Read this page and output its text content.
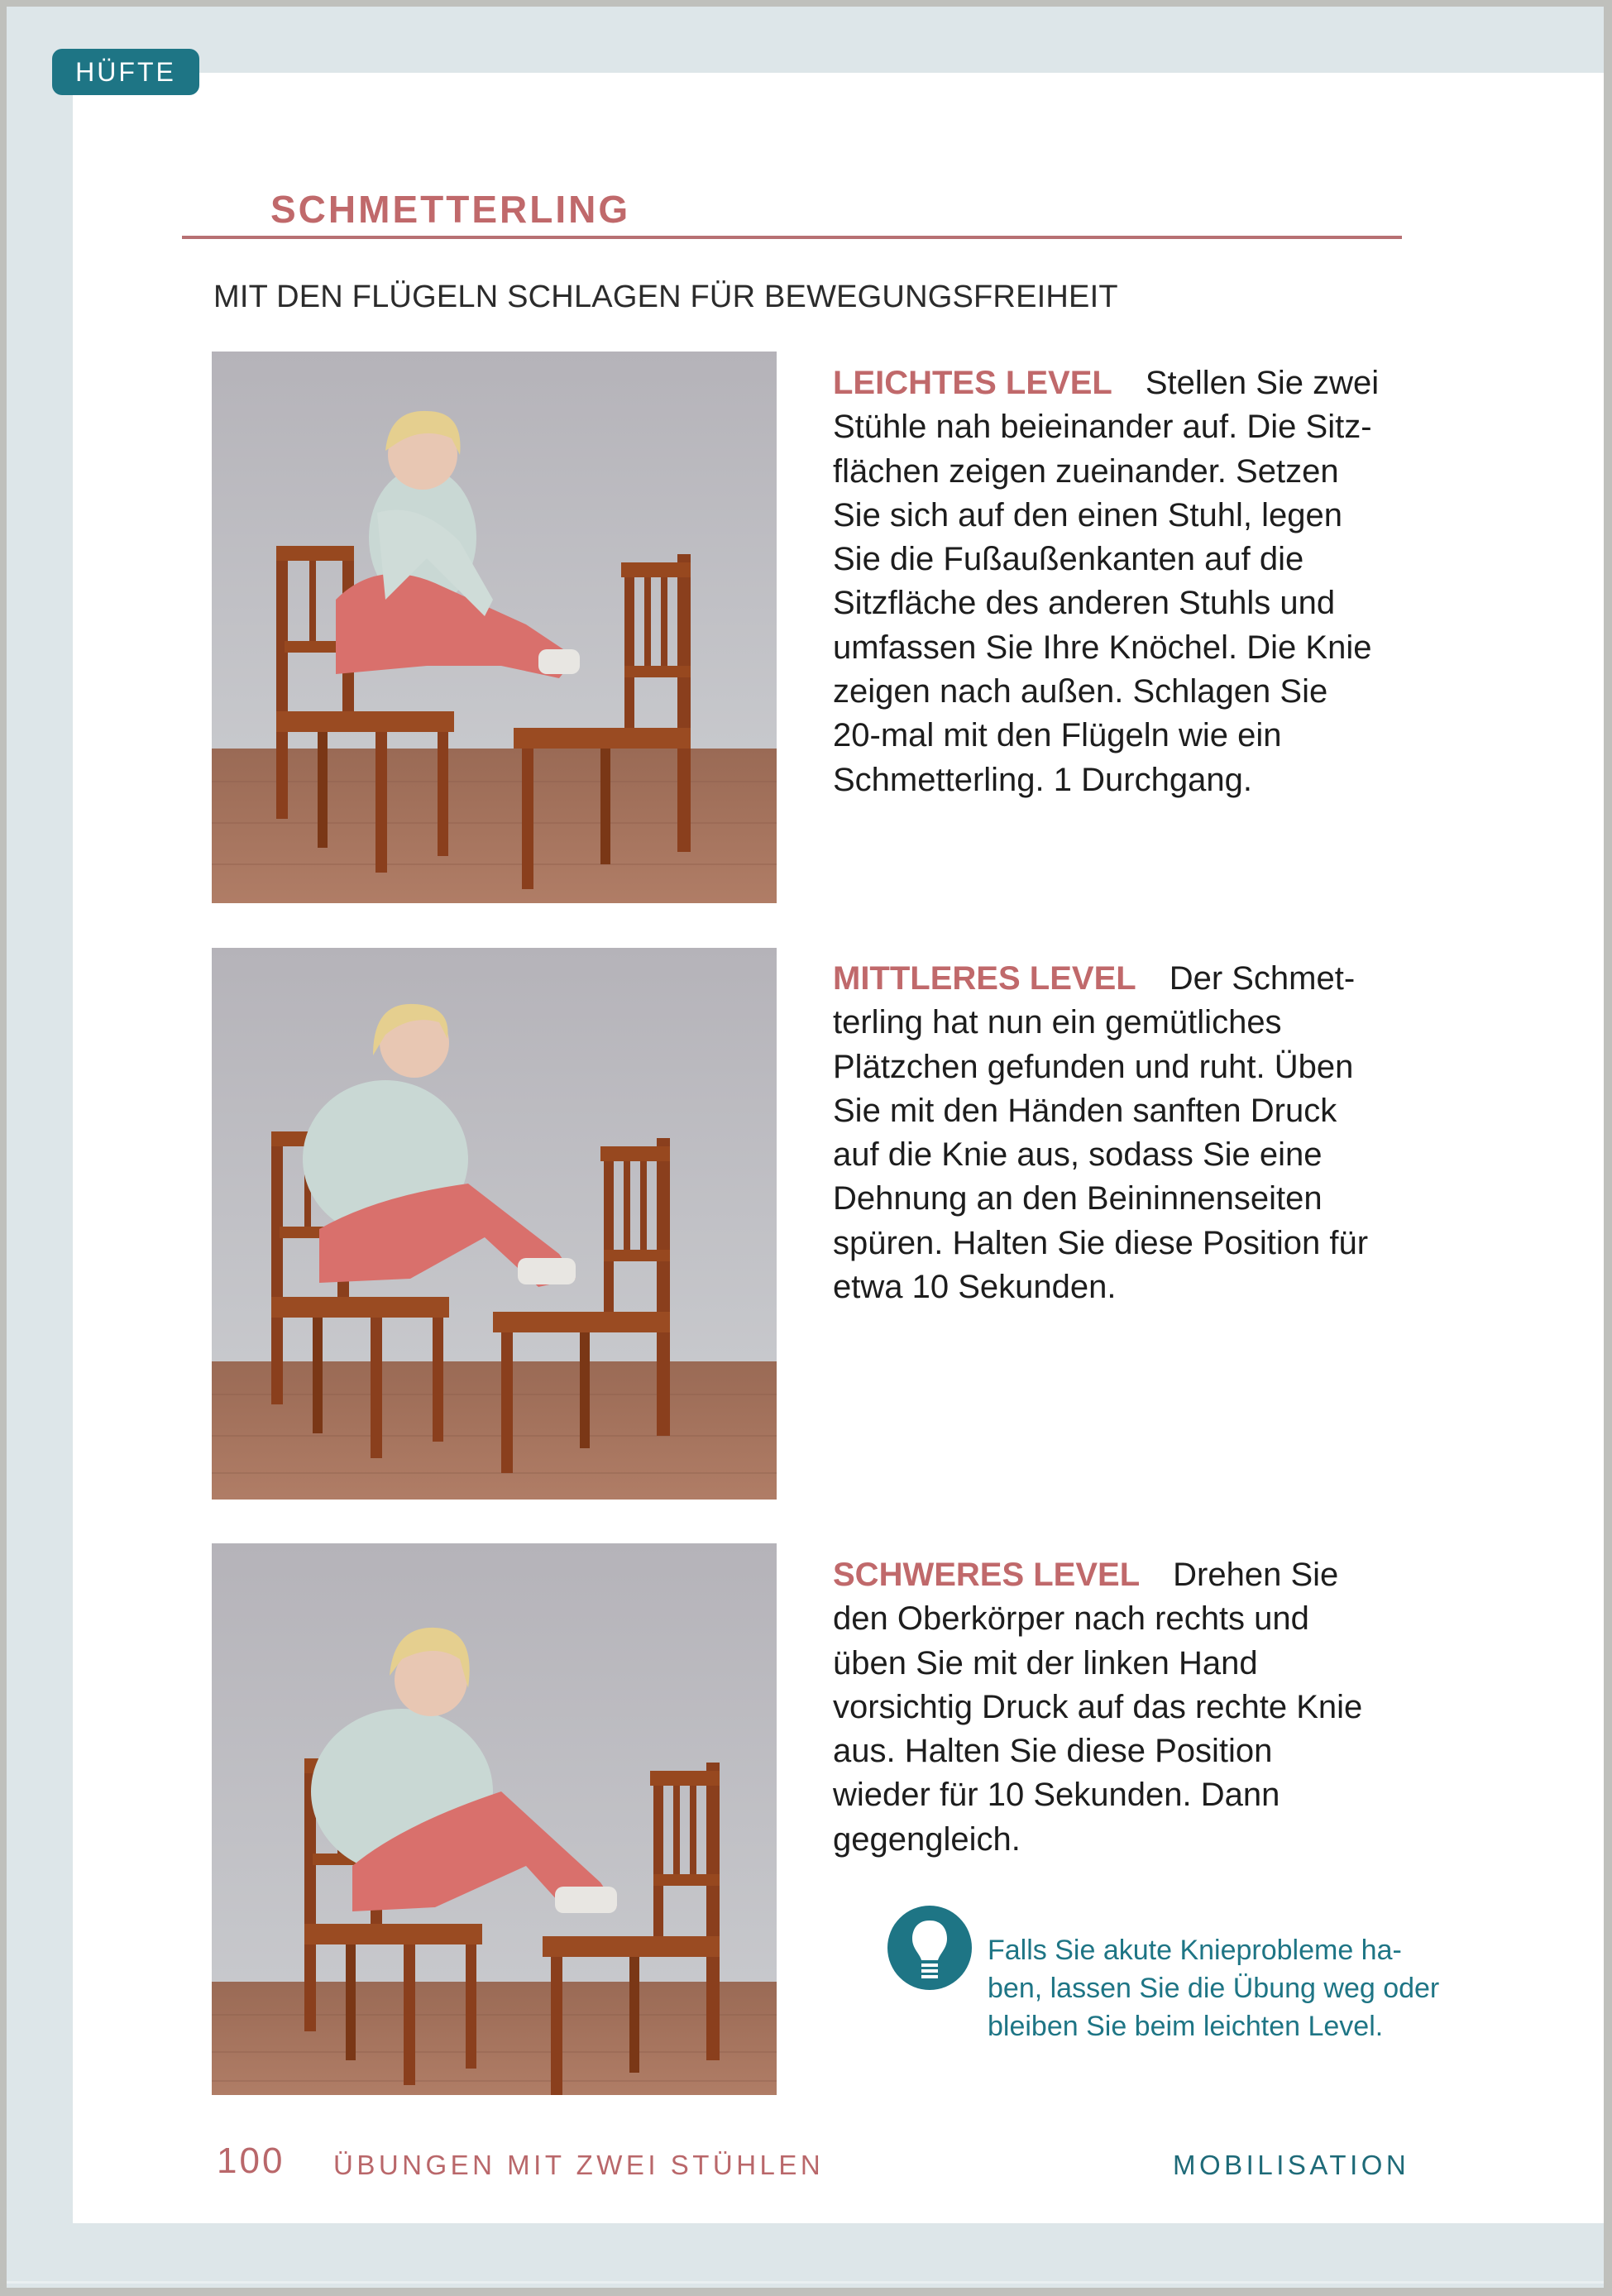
HÜFTE
SCHMETTERLING
MIT DEN FLÜGELN SCHLAGEN FÜR BEWEGUNGSFREIHEIT
LEICHTES LEVEL Stellen Sie zwei
Stühle nah beieinander auf. Die Sitz-
flächen zeigen zueinander. Setzen
Sie sich auf den einen Stuhl, legen
Sie die Fußaußenkanten auf die
Sitzfläche des anderen Stuhls und
umfassen Sie Ihre Knöchel. Die Knie
zeigen nach außen. Schlagen Sie
20-mal mit den Flügeln wie ein
Schmetterling. 1 Durchgang.
MITTLERES LEVEL Der Schmet-
terling hat nun ein gemütliches
Plätzchen gefunden und ruht. Üben
Sie mit den Händen sanften Druck
auf die Knie aus, sodass Sie eine
Dehnung an den Beininnenseiten
spüren. Halten Sie diese Position für
etwa 10 Sekunden.
SCHWERES LEVEL Drehen Sie
den Oberkörper nach rechts und
üben Sie mit der linken Hand
vorsichtig Druck auf das rechte Knie
aus. Halten Sie diese Position
wieder für 10 Sekunden. Dann
gegengleich.
Falls Sie akute Knieprobleme ha-
ben, lassen Sie die Übung weg oder
bleiben Sie beim leichten Level.
100 ÜBUNGEN MIT ZWEI STÜHLEN	MOBILISATION
